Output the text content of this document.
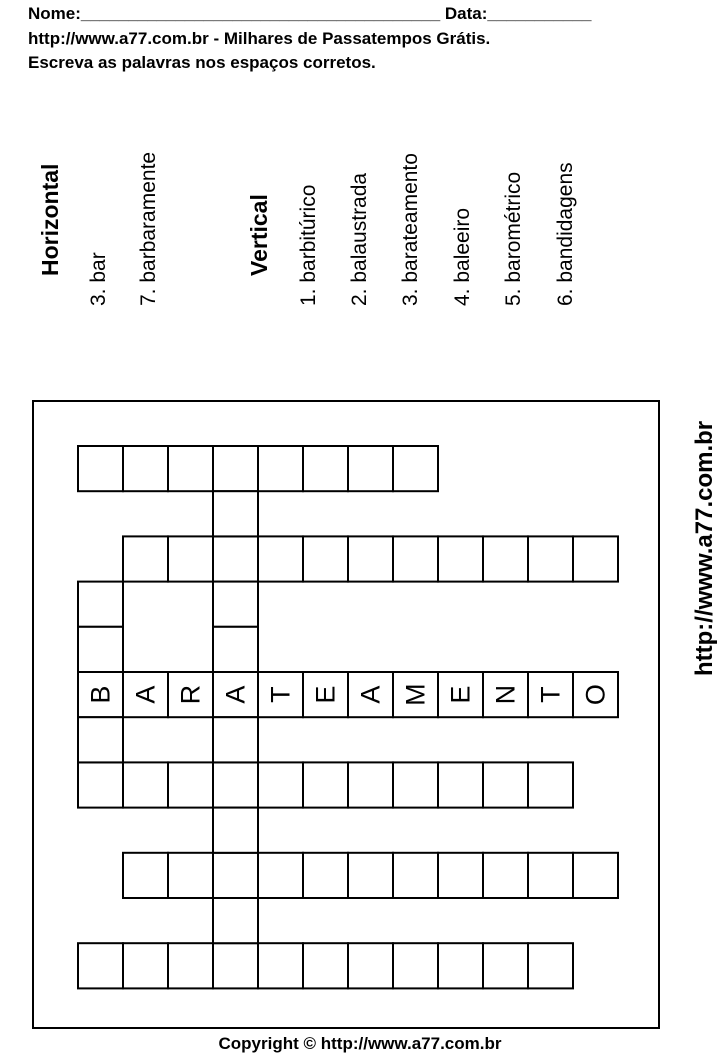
Nome:______________________________________ Data:___________
http://www.a77.com.br - Milhares de Passatempos Grátis.
Escreva as palavras nos espaços corretos.
Horizontal
3. bar 7. barbaramente	Vertical 1. barbitúrico 2. balaustrada 3. barateamento 4. baleeiro 5. barométrico 6. bandidagens
http://www.a77.com.br
B A R A T E A M E N T O
Copyright © http://www.a77.com.br
